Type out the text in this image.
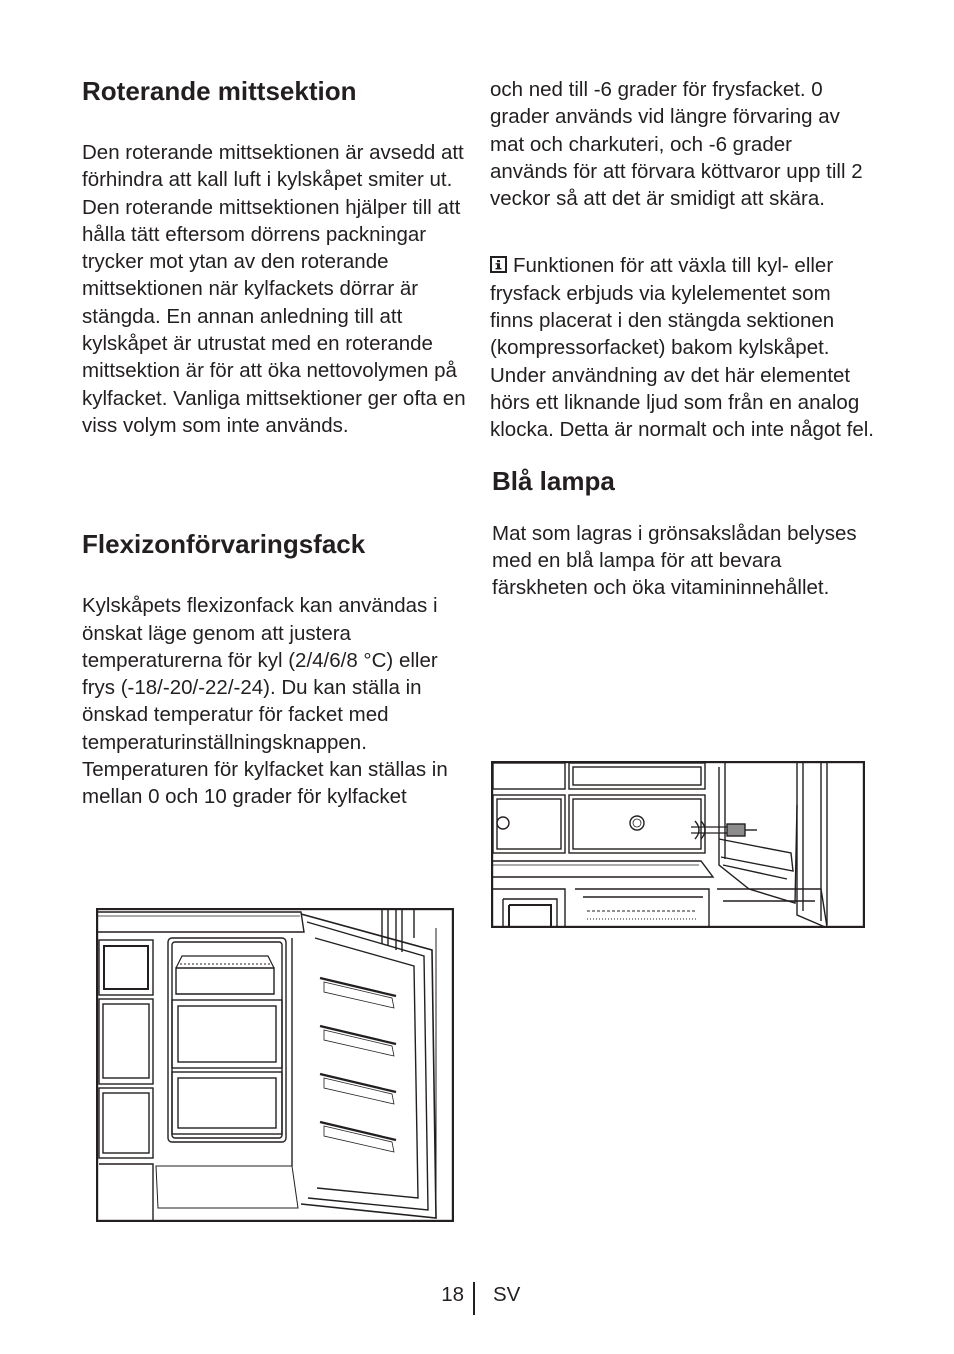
Roterande mittsektion

Den roterande mittsektionen är avsedd att förhindra att kall luft i kylskåpet smiter ut. Den roterande mittsektionen hjälper till att hålla tätt eftersom dörrens packningar trycker mot ytan av den roterande mittsektionen när kylfackets dörrar är stängda. En annan anledning till att kylskåpet är utrustat med en roterande mittsektion är för att öka nettovolymen på kylfacket. Vanliga mittsektioner ger ofta en viss volym som inte används.

Flexizonförvaringsfack

Kylskåpets flexizonfack kan användas i önskat läge genom att justera temperaturerna för kyl (2/4/6/8 °C) eller frys (-18/-20/-22/-24). Du kan ställa in önskad temperatur för facket med temperaturinställningsknappen. Temperaturen för kylfacket kan ställas in mellan 0 och 10 grader för kylfacket

och ned till -6 grader för frysfacket. 0 grader används vid längre förvaring av mat och charkuteri, och -6 grader används för att förvara köttvaror upp till 2 veckor så att det är smidigt att skära.

Funktionen för att växla till kyl- eller frysfack erbjuds via kylelementet som finns placerat i den stängda sektionen (kompressorfacket) bakom kylskåpet. Under användning av det här elementet hörs ett liknande ljud som från en analog klocka. Detta är normalt och inte något fel.

Blå lampa

Mat som lagras i grönsakslådan belyses med en blå lampa för att bevara färskheten och öka vitamininnehållet.

18 SV
